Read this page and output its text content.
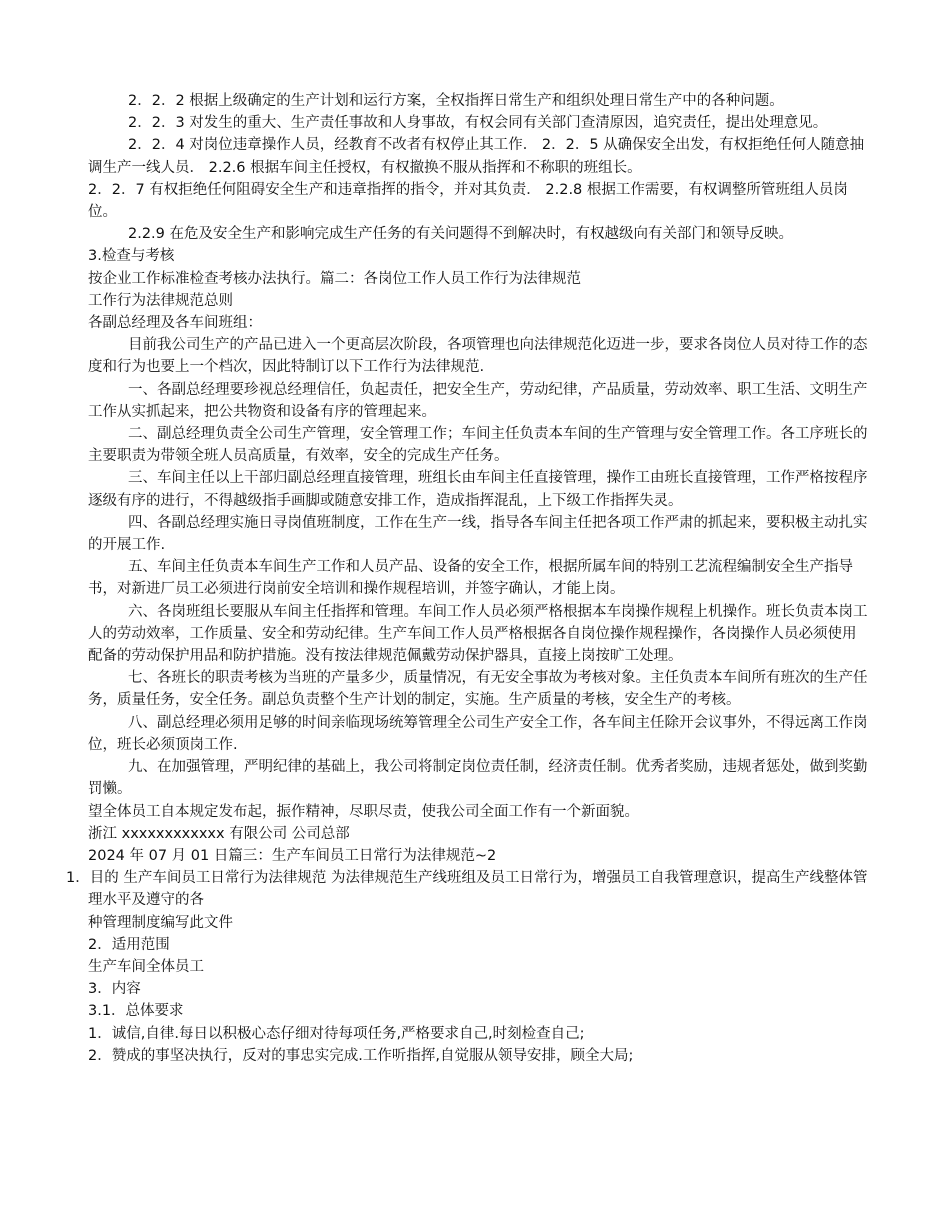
2．2．2 根据上级确定的生产计划和运行方案，全权指挥日常生产和组织处理日常生产中的各种问题。

2．2．3 对发生的重大、生产责任事故和人身事故，有权会同有关部门查清原因，追究责任，提出处理意见。

2．2．4 对岗位违章操作人员，经教育不改者有权停止其工作． 2．2．5 从确保安全出发，有权拒绝任何人随意抽调生产一线人员． 2.2.6 根据车间主任授权，有权撤换不服从指挥和不称职的班组长。

2．2．7 有权拒绝任何阻碍安全生产和违章指挥的指令，并对其负责． 2.2.8 根据工作需要，有权调整所管班组人员岗位。

2.2.9 在危及安全生产和影响完成生产任务的有关问题得不到解决时，有权越级向有关部门和领导反映。

3.检查与考核

按企业工作标准检查考核办法执行。篇二：各岗位工作人员工作行为法律规范

工作行为法律规范总则

各副总经理及各车间班组：

目前我公司生产的产品已进入一个更高层次阶段，各项管理也向法律规范化迈进一步，要求各岗位人员对待工作的态度和行为也要上一个档次，因此特制订以下工作行为法律规范.

一、各副总经理要珍视总经理信任，负起责任，把安全生产，劳动纪律，产品质量，劳动效率、职工生活、文明生产工作从实抓起来，把公共物资和设备有序的管理起来。

二、副总经理负责全公司生产管理，安全管理工作；车间主任负责本车间的生产管理与安全管理工作。各工序班长的主要职责为带领全班人员高质量，有效率，安全的完成生产任务。

三、车间主任以上干部归副总经理直接管理，班组长由车间主任直接管理，操作工由班长直接管理，工作严格按程序逐级有序的进行，不得越级指手画脚或随意安排工作，造成指挥混乱，上下级工作指挥失灵。

四、各副总经理实施日寻岗值班制度，工作在生产一线，指导各车间主任把各项工作严肃的抓起来，要积极主动扎实的开展工作.

五、车间主任负责本车间生产工作和人员产品、设备的安全工作，根据所属车间的特别工艺流程编制安全生产指导书，对新进厂员工必须进行岗前安全培训和操作规程培训，并签字确认，才能上岗。

六、各岗班组长要服从车间主任指挥和管理。车间工作人员必须严格根据本车岗操作规程上机操作。班长负责本岗工人的劳动效率，工作质量、安全和劳动纪律。生产车间工作人员严格根据各自岗位操作规程操作，各岗操作人员必须使用配备的劳动保护用品和防护措施。没有按法律规范佩戴劳动保护器具，直接上岗按旷工处理。

七、各班长的职责考核为当班的产量多少，质量情况，有无安全事故为考核对象。主任负责本车间所有班次的生产任务，质量任务，安全任务。副总负责整个生产计划的制定，实施。生产质量的考核，安全生产的考核。

八、副总经理必须用足够的时间亲临现场统筹管理全公司生产安全工作，各车间主任除开会议事外，不得远离工作岗位，班长必须顶岗工作.

九、在加强管理，严明纪律的基础上，我公司将制定岗位责任制，经济责任制。优秀者奖励，违规者惩处，做到奖勤罚懒。

望全体员工自本规定发布起，振作精神，尽职尽责，使我公司全面工作有一个新面貌。

浙江 xxxxxxxxxxxx 有限公司 公司总部

2024 年 07 月 01 日篇三：生产车间员工日常行为法律规范~2

1．目的 生产车间员工日常行为法律规范 为法律规范生产线班组及员工日常行为，增强员工自我管理意识，提高生产线整体管理水平及遵守的各

种管理制度编写此文件

2．适用范围

生产车间全体员工

3．内容

3.1．总体要求

1．诚信,自律.每日以积极心态仔细对待每项任务,严格要求自己,时刻检查自己;

2．赞成的事坚决执行，反对的事忠实完成.工作听指挥,自觉服从领导安排，顾全大局;
